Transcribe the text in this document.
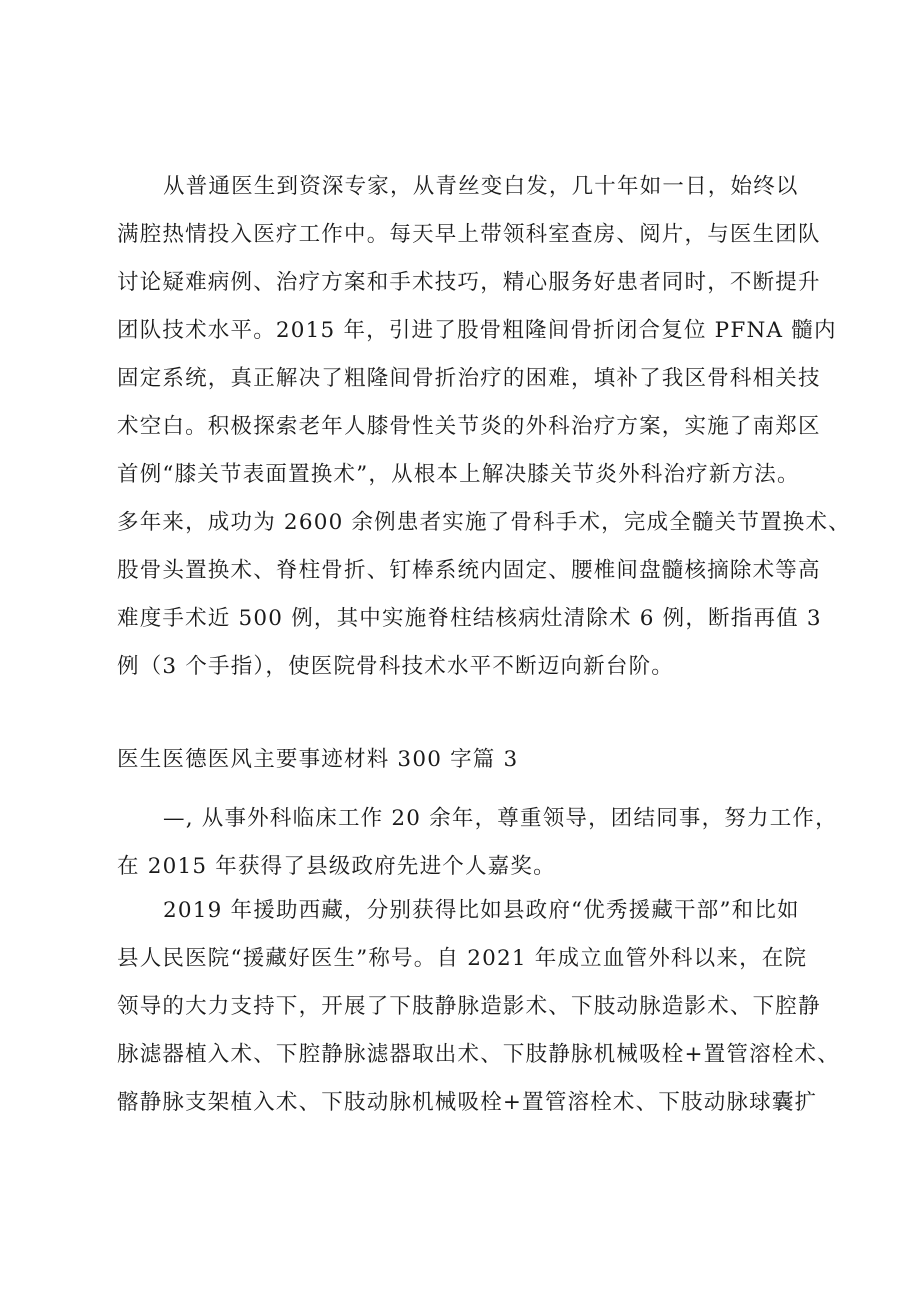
从普通医生到资深专家，从青丝变白发，几十年如一日，始终以
满腔热情投入医疗工作中。每天早上带领科室查房、阅片，与医生团队
讨论疑难病例、治疗方案和手术技巧，精心服务好患者同时，不断提升
团队技术水平。2015 年，引进了股骨粗隆间骨折闭合复位 PFNA 髓内
固定系统，真正解决了粗隆间骨折治疗的困难，填补了我区骨科相关技
术空白。积极探索老年人膝骨性关节炎的外科治疗方案，实施了南郑区
首例“膝关节表面置换术”，从根本上解决膝关节炎外科治疗新方法。
多年来，成功为 2600 余例患者实施了骨科手术，完成全髓关节置换术、
股骨头置换术、脊柱骨折、钉棒系统内固定、腰椎间盘髓核摘除术等高
难度手术近 500 例，其中实施脊柱结核病灶清除术 6 例，断指再值 3
例（3 个手指），使医院骨科技术水平不断迈向新台阶。
医生医德医风主要事迹材料 300 字篇 3
—, 从事外科临床工作 20 余年，尊重领导，团结同事，努力工作，
在 2015 年获得了县级政府先进个人嘉奖。
2019 年援助西藏，分别获得比如县政府“优秀援藏干部”和比如
县人民医院“援藏好医生”称号。自 2021 年成立血管外科以来，在院
领导的大力支持下，开展了下肢静脉造影术、下肢动脉造影术、下腔静
脉滤器植入术、下腔静脉滤器取出术、下肢静脉机械吸栓+置管溶栓术、
髂静脉支架植入术、下肢动脉机械吸栓+置管溶栓术、下肢动脉球囊扩
